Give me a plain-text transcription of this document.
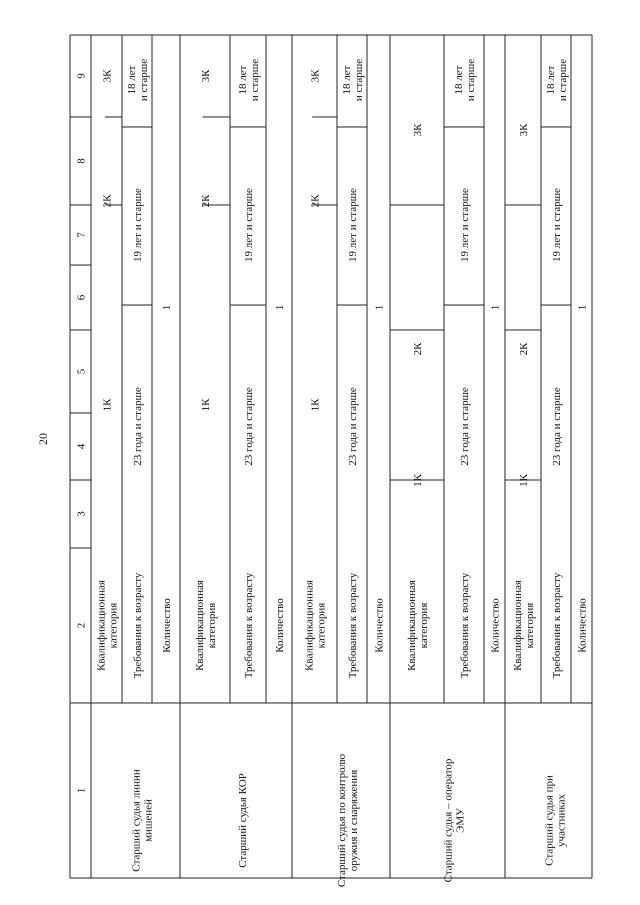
20
1
2
3
4
5
6
7
8
9
Старший судья линиимишеней
Квалификационнаякатегория Требования к возрасту Количество
1К
2К
3К
23 года и старше
19 лет и старше
18 лети старше
1
Старший судья КОР
Квалификационнаякатегория Требования к возрасту Количество
1К
2К
3К
23 года и старше
19 лет и старше
18 лети старше
1
Старший судья по контролюоружия и снаряжения
Квалификационнаякатегория Требования к возрасту Количество
1К
2К
3К
23 года и старше
19 лет и старше
18 лети старше
1
Старший судья – операторЭМУ
Квалификационнаякатегория	Требования к возрасту Количество
1К
2К
3К
23 года и старше
19 лет и старше
18 лети старше
1
Старший судья приучастниках
Квалификационнаякатегория Требования к возрасту Количество
1К
2К
3К
23 года и старше
19 лет и старше
18 лети старше
1
